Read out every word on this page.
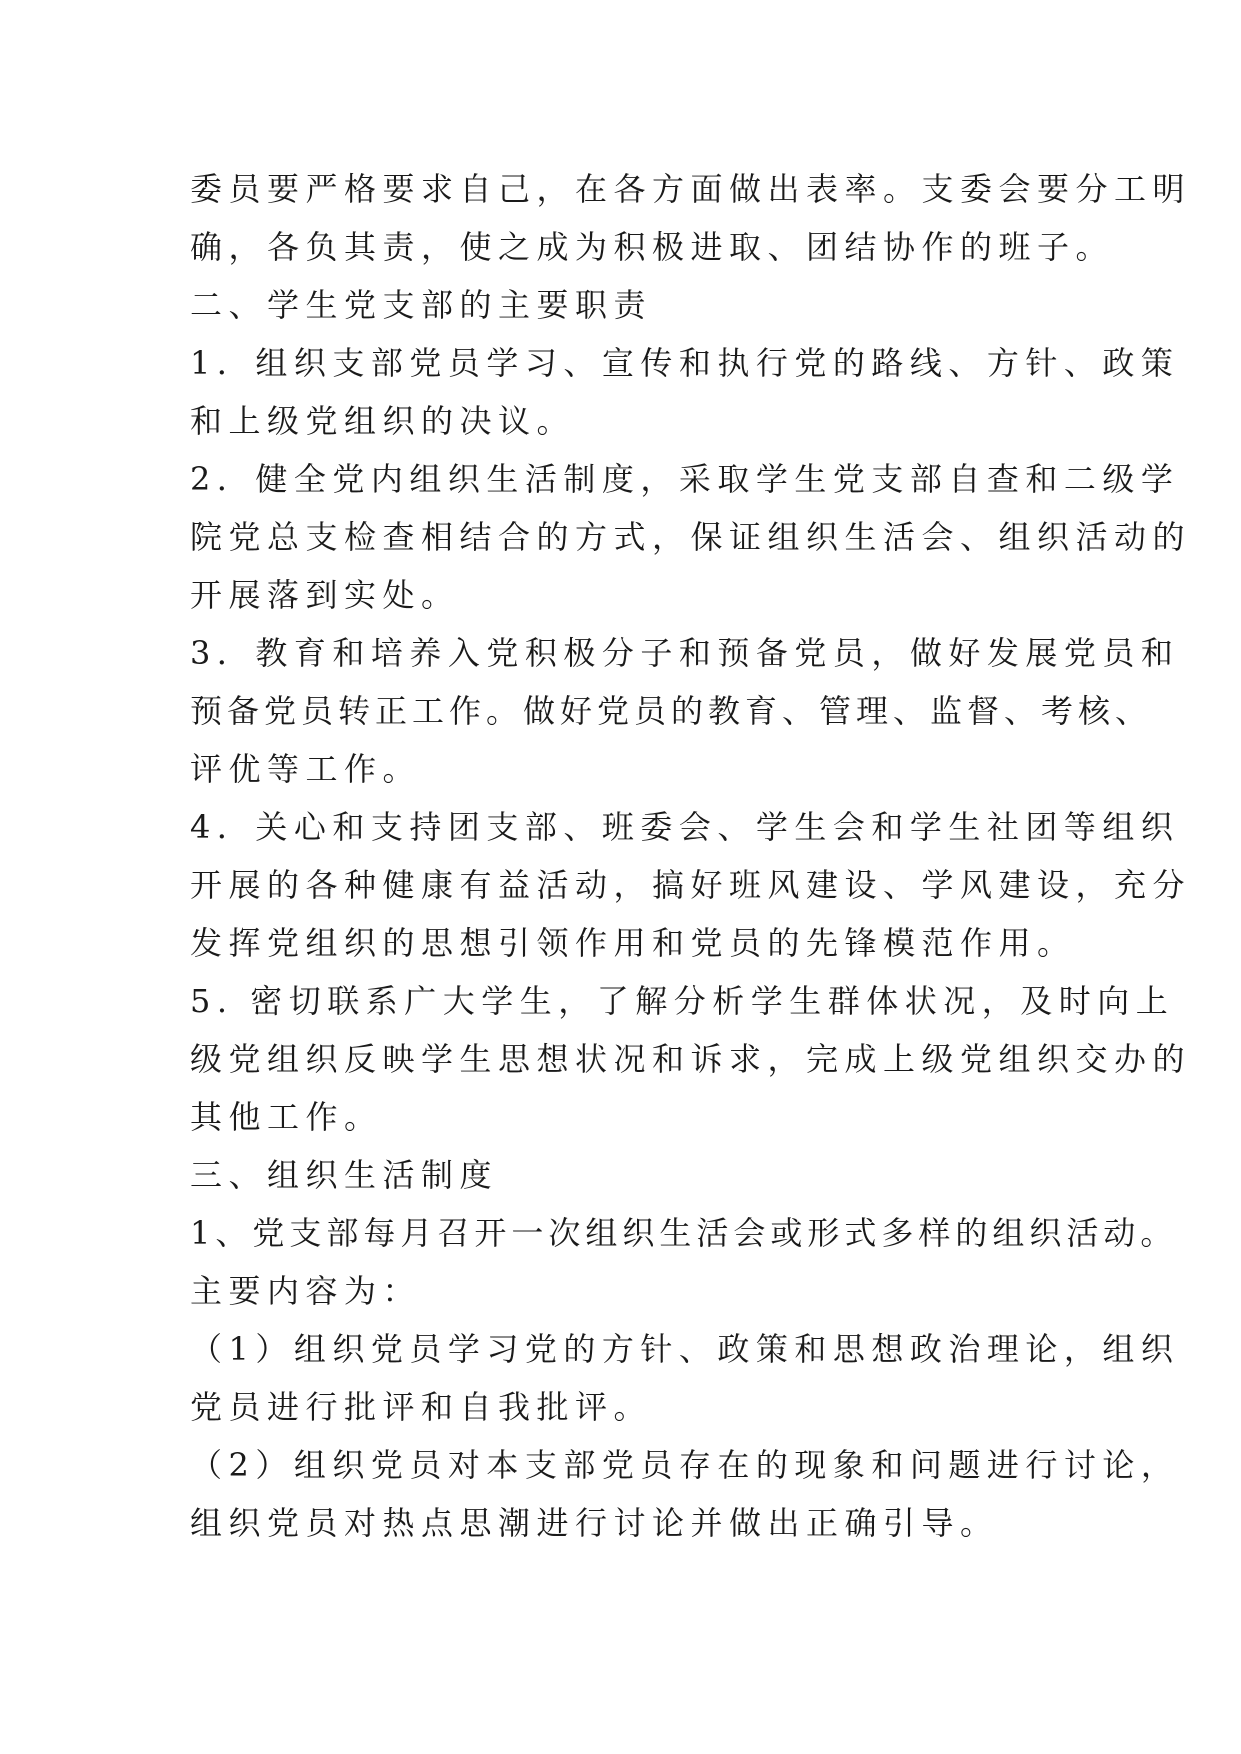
委员要严格要求自己，在各方面做出表率。支委会要分工明
确，各负其责，使之成为积极进取、团结协作的班子。
二、学生党支部的主要职责
1．组织支部党员学习、宣传和执行党的路线、方针、政策
和上级党组织的决议。
2．健全党内组织生活制度，采取学生党支部自查和二级学
院党总支检查相结合的方式，保证组织生活会、组织活动的
开展落到实处。
3．教育和培养入党积极分子和预备党员，做好发展党员和
预备党员转正工作。做好党员的教育、管理、监督、考核、
评优等工作。
4．关心和支持团支部、班委会、学生会和学生社团等组织
开展的各种健康有益活动，搞好班风建设、学风建设，充分
发挥党组织的思想引领作用和党员的先锋模范作用。
5. 密切联系广大学生，了解分析学生群体状况，及时向上
级党组织反映学生思想状况和诉求，完成上级党组织交办的
其他工作。
三、组织生活制度
1、党支部每月召开一次组织生活会或形式多样的组织活动。
主要内容为：
（1）组织党员学习党的方针、政策和思想政治理论，组织
党员进行批评和自我批评。
（2）组织党员对本支部党员存在的现象和问题进行讨论，
组织党员对热点思潮进行讨论并做出正确引导。
